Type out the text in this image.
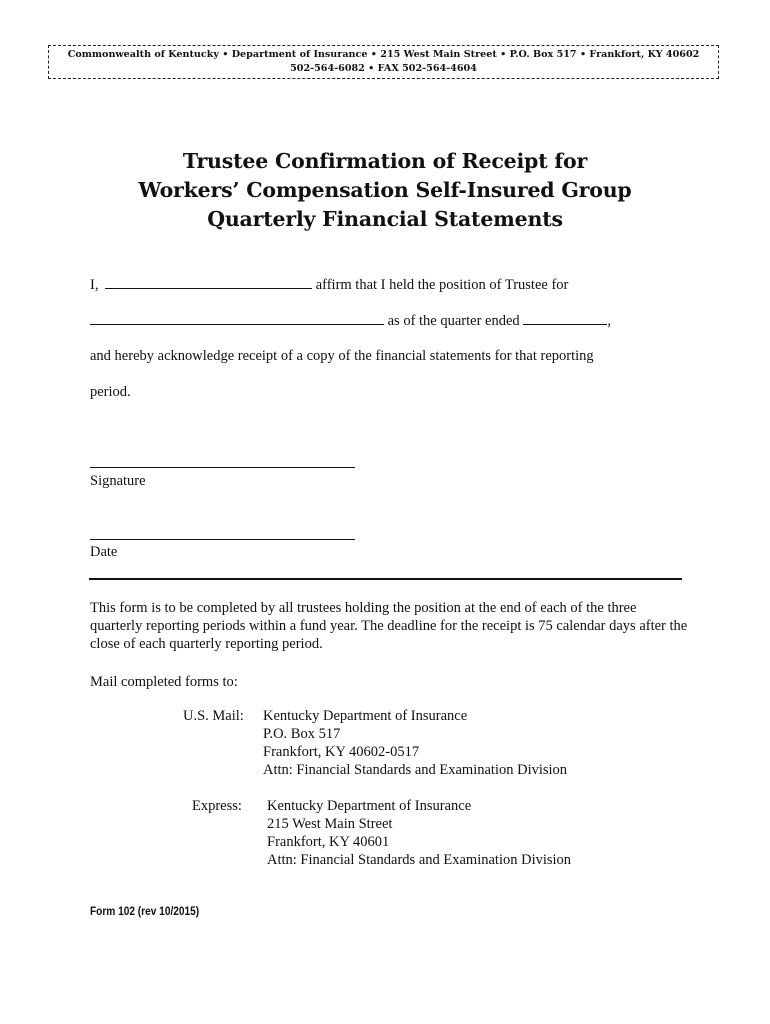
Commonwealth of Kentucky • Department of Insurance • 215 West Main Street • P.O. Box 517 • Frankfort, KY 40602
502-564-6082 • FAX 502-564-4604
Trustee Confirmation of Receipt for
Workers’ Compensation Self-Insured Group
Quarterly Financial Statements
I,	affirm that I held the position of Trustee for
as of the quarter ended	,
and hereby acknowledge receipt of a copy of the financial statements for that reporting
period.
Signature
Date
This form is to be completed by all trustees holding the position at the end of each of the three quarterly reporting periods within a fund year. The deadline for the receipt is 75 calendar days after the close of each quarterly reporting period.
Mail completed forms to:
U.S. Mail: Kentucky Department of Insurance
P.O. Box 517
Frankfort, KY 40602-0517
Attn: Financial Standards and Examination Division
Express: Kentucky Department of Insurance
215 West Main Street
Frankfort, KY 40601
Attn: Financial Standards and Examination Division
Form 102 (rev 10/2015)
